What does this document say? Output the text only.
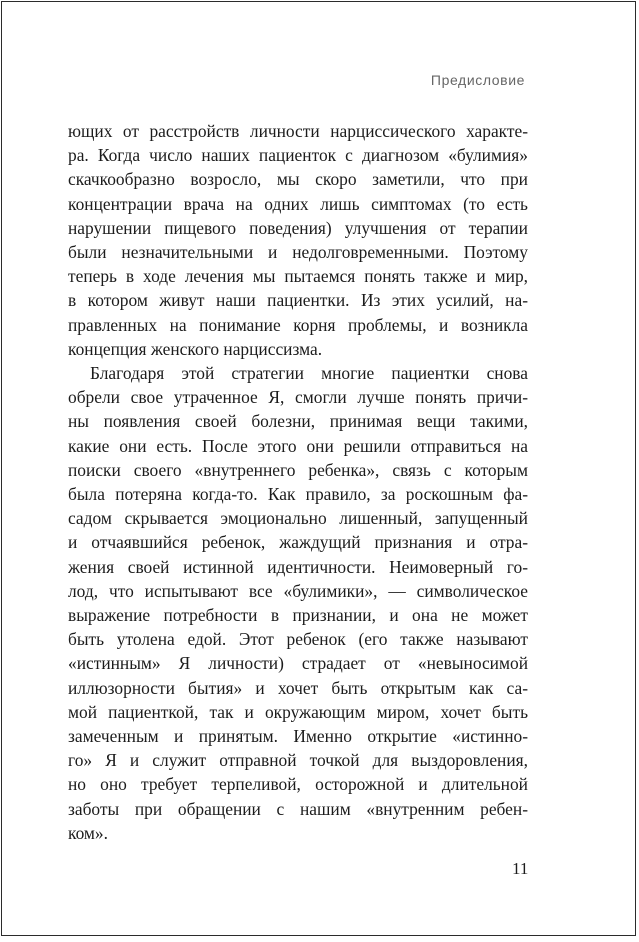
Предисловие

ющих от расстройств личности нарциссического характе-
ра. Когда число наших пациенток с диагнозом «булимия»
скачкообразно возросло, мы скоро заметили, что при
концентрации врача на одних лишь симптомах (то есть
нарушении пищевого поведения) улучшения от терапии
были незначительными и недолговременными. Поэтому
теперь в ходе лечения мы пытаемся понять также и мир,
в котором живут наши пациентки. Из этих усилий, на-
правленных на понимание корня проблемы, и возникла
концепция женского нарциссизма.

Благодаря этой стратегии многие пациентки снова
обрели свое утраченное Я, смогли лучше понять причи-
ны появления своей болезни, принимая вещи такими,
какие они есть. После этого они решили отправиться на
поиски своего «внутреннего ребенка», связь с которым
была потеряна когда-то. Как правило, за роскошным фа-
садом скрывается эмоционально лишенный, запущенный
и отчаявшийся ребенок, жаждущий признания и отра-
жения своей истинной идентичности. Неимоверный го-
лод, что испытывают все «булимики», — символическое
выражение потребности в признании, и она не может
быть утолена едой. Этот ребенок (его также называют
«истинным» Я личности) страдает от «невыносимой
иллюзорности бытия» и хочет быть открытым как са-
мой пациенткой, так и окружающим миром, хочет быть
замеченным и принятым. Именно открытие «истинно-
го» Я и служит отправной точкой для выздоровления,
но оно требует терпеливой, осторожной и длительной
заботы при обращении с нашим «внутренним ребен-
ком».

11
